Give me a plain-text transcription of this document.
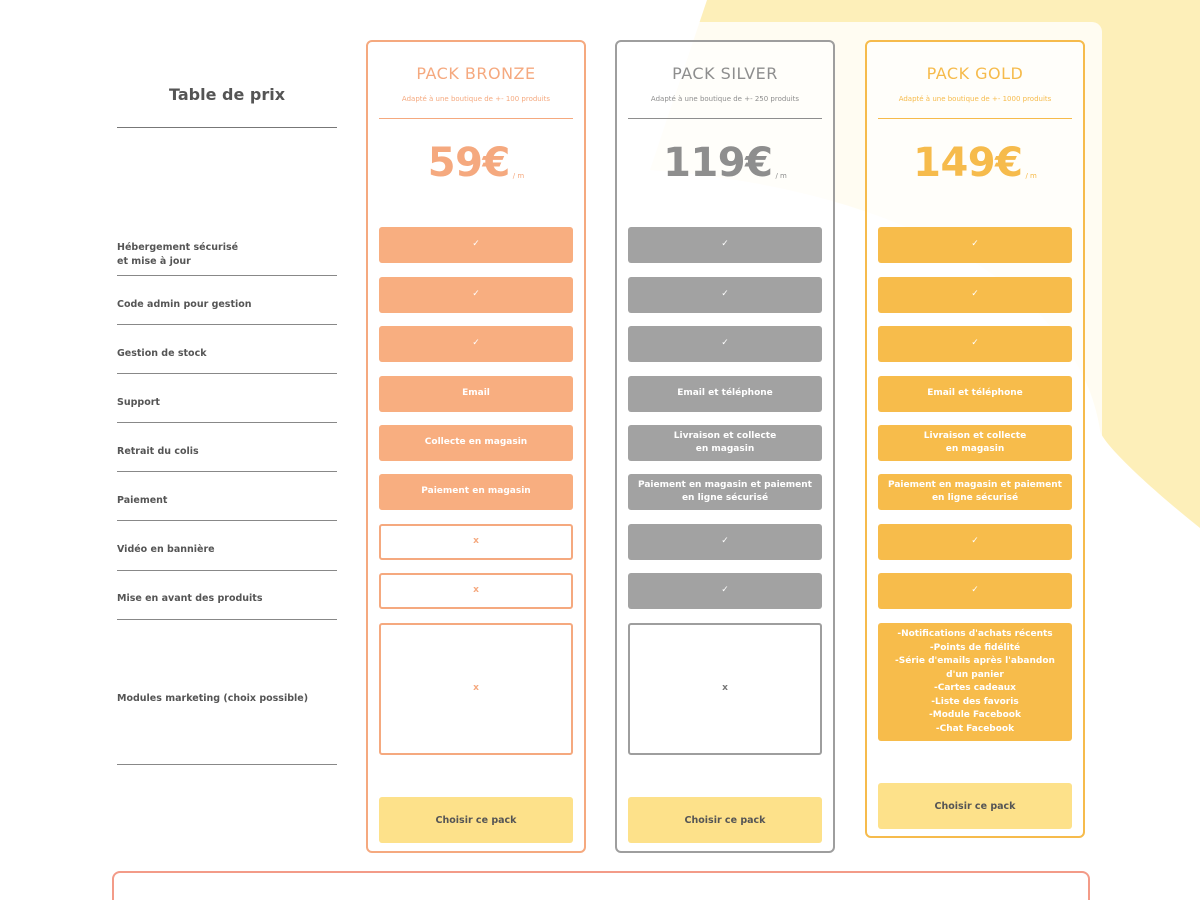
Table de prix
Hébergement sécurisé
et mise à jour
Code admin pour gestion
Gestion de stock
Support
Retrait du colis
Paiement
Vidéo en bannière
Mise en avant des produits
Modules marketing (choix possible)
PACK BRONZE
Adapté à une boutique de +- 100 produits
59€ / m
✓
✓
✓
Email
Collecte en magasin
Paiement en magasin
x
x
x
Choisir ce pack
PACK SILVER
Adapté à une boutique de +- 250 produits
119€ / m
✓
✓
✓
Email et téléphone
Livraison et collecte
en magasin
Paiement en magasin et paiement en ligne sécurisé
✓
✓
x
Choisir ce pack
PACK GOLD
Adapté à une boutique de +- 1000 produits
149€ / m
✓
✓
✓
Email et téléphone
Livraison et collecte
en magasin
Paiement en magasin et paiement en ligne sécurisé
✓
✓
-Notifications d'achats récents
-Points de fidélité
-Série d'emails après l'abandon d'un panier
-Cartes cadeaux
-Liste des favoris
-Module Facebook
-Chat Facebook
Choisir ce pack
